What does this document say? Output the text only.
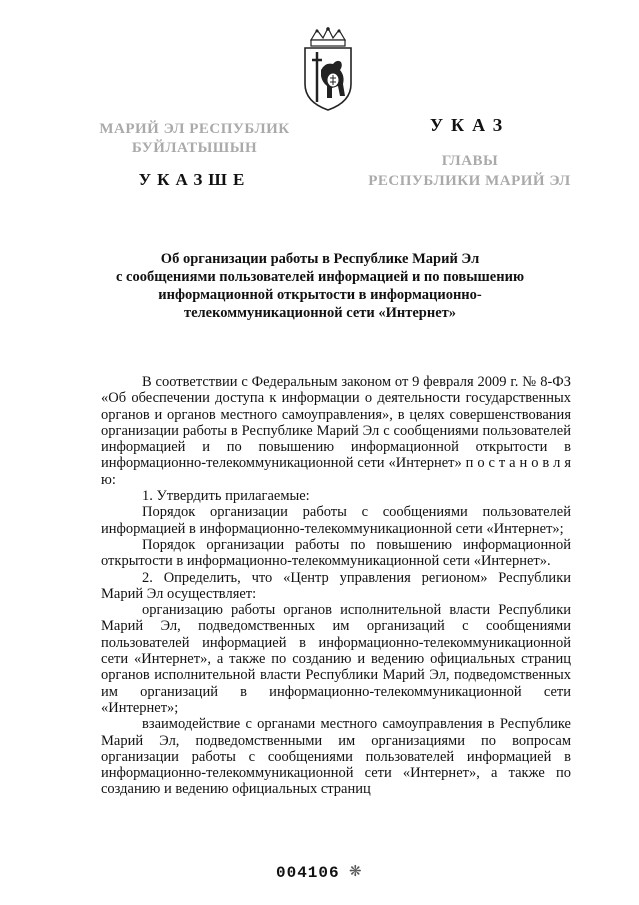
МАРИЙ ЭЛ РЕСПУБЛИК
БУЙЛАТЫШЫН
УКАЗШЕ
УКАЗ
ГЛАВЫ
РЕСПУБЛИКИ МАРИЙ ЭЛ
Об организации работы в Республике Марий Эл
с сообщениями пользователей информацией и по повышению
информационной открытости в информационно-
телекоммуникационной сети «Интернет»

В соответствии с Федеральным законом от 9 февраля 2009 г. № 8-ФЗ «Об обеспечении доступа к информации о деятельности государственных органов и органов местного самоуправления», в целях совершенствования организации работы в Республике Марий Эл с сообщениями пользователей информацией и по повышению информационной открытости в информационно-телекоммуникационной сети «Интернет» п о с т а н о в л я ю:

1. Утвердить прилагаемые:

Порядок организации работы с сообщениями пользователей информацией в информационно-телекоммуникационной сети «Интернет»;

Порядок организации работы по повышению информационной открытости в информационно-телекоммуникационной сети «Интернет».

2. Определить, что «Центр управления регионом» Республики Марий Эл осуществляет:

организацию работы органов исполнительной власти Республики Марий Эл, подведомственных им организаций с сообщениями пользователей информацией в информационно-телекоммуникационной сети «Интернет», а также по созданию и ведению официальных страниц органов исполнительной власти Республики Марий Эл, подведомственных им организаций в информационно-телекоммуникационной сети «Интернет»;

взаимодействие с органами местного самоуправления в Республике Марий Эл, подведомственными им организациями по вопросам организации работы с сообщениями пользователей информацией в информационно-телекоммуникационной сети «Интернет», а также по созданию и ведению официальных страниц

004106 ❋
